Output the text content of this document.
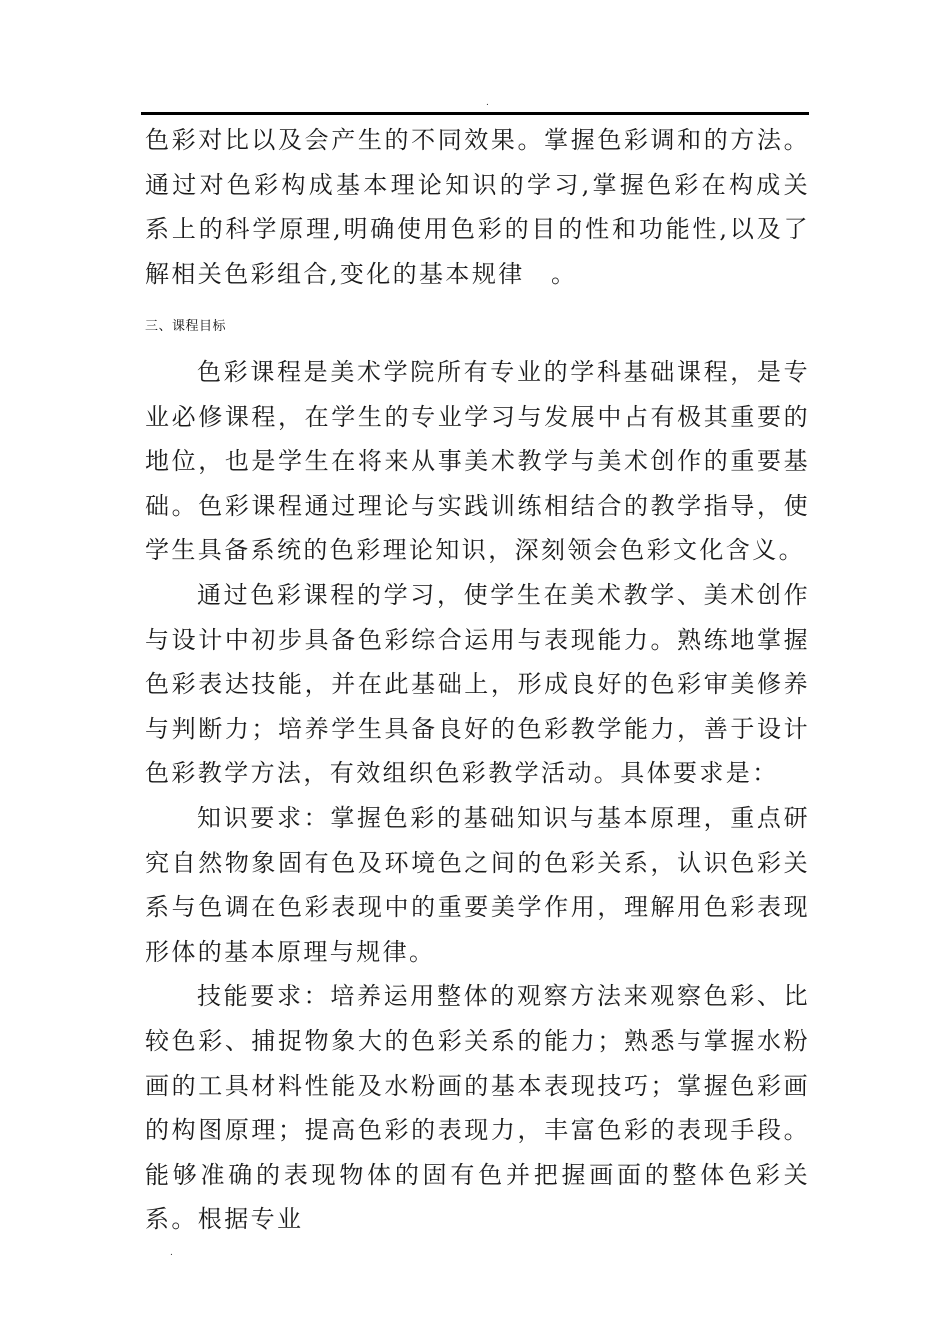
.

色彩对比以及会产生的不同效果。掌握色彩调和的方法。通过对色彩构成基本理论知识的学习,掌握色彩在构成关系上的科学原理,明确使用色彩的目的性和功能性,以及了解相关色彩组合,变化的基本规律　。

三、课程目标

色彩课程是美术学院所有专业的学科基础课程，是专业必修课程，在学生的专业学习与发展中占有极其重要的地位，也是学生在将来从事美术教学与美术创作的重要基础。色彩课程通过理论与实践训练相结合的教学指导，使学生具备系统的色彩理论知识，深刻领会色彩文化含义。

通过色彩课程的学习，使学生在美术教学、美术创作与设计中初步具备色彩综合运用与表现能力。熟练地掌握色彩表达技能，并在此基础上，形成良好的色彩审美修养与判断力；培养学生具备良好的色彩教学能力，善于设计色彩教学方法，有效组织色彩教学活动。具体要求是：

知识要求：掌握色彩的基础知识与基本原理，重点研究自然物象固有色及环境色之间的色彩关系，认识色彩关系与色调在色彩表现中的重要美学作用，理解用色彩表现形体的基本原理与规律。

技能要求：培养运用整体的观察方法来观察色彩、比较色彩、捕捉物象大的色彩关系的能力；熟悉与掌握水粉画的工具材料性能及水粉画的基本表现技巧；掌握色彩画的构图原理；提高色彩的表现力，丰富色彩的表现手段。能够准确的表现物体的固有色并把握画面的整体色彩关系。根据专业

.
